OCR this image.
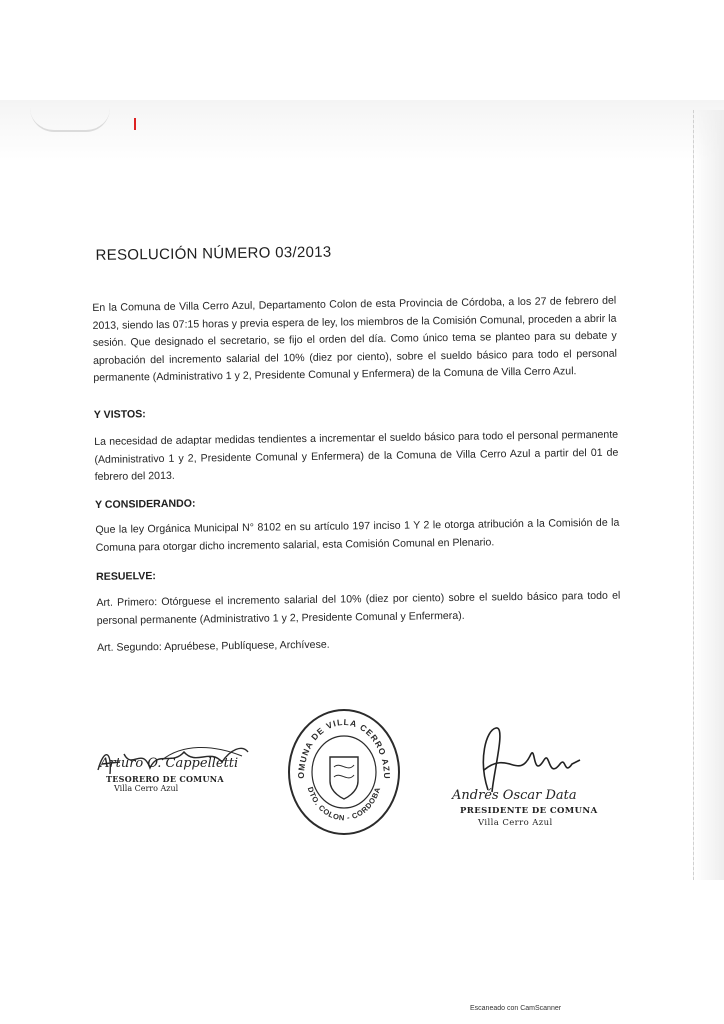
RESOLUCIÓN NÚMERO 03/2013

En la Comuna de Villa Cerro Azul, Departamento Colon de esta Provincia de Córdoba, a los 27 de febrero del 2013, siendo las 07:15 horas y previa espera de ley, los miembros de la Comisión Comunal, proceden a abrir la sesión. Que designado el secretario, se fijo el orden del día. Como único tema se planteo para su debate y aprobación del incremento salarial del 10% (diez por ciento), sobre el sueldo básico para todo el personal permanente (Administrativo 1 y 2, Presidente Comunal y Enfermera) de la Comuna de Villa Cerro Azul.

Y VISTOS:

La necesidad de adaptar medidas tendientes a incrementar el sueldo básico para todo el personal permanente (Administrativo 1 y 2, Presidente Comunal y Enfermera) de la Comuna de Villa Cerro Azul a partir del 01 de febrero del 2013.

Y CONSIDERANDO:

Que la ley Orgánica Municipal N° 8102 en su artículo 197 inciso 1 Y 2 le otorga atribución a la Comisión de la Comuna para otorgar dicho incremento salarial, esta Comisión Comunal en Plenario.

RESUELVE:

Art. Primero: Otórguese el incremento salarial del 10% (diez por ciento) sobre el sueldo básico para todo el personal permanente (Administrativo 1 y 2, Presidente Comunal y Enfermera).

Art. Segundo: Apruébese, Publíquese, Archívese.

Arturo O. Cappelletti
TESORERO DE COMUNA
Villa Cerro Azul
OMUNA DE VILLA CERRO AZU
DTO. COLON - CORDOBA	Andrés Oscar Data
PRESIDENTE DE COMUNA
Villa Cerro Azul
Escaneado con CamScanner
